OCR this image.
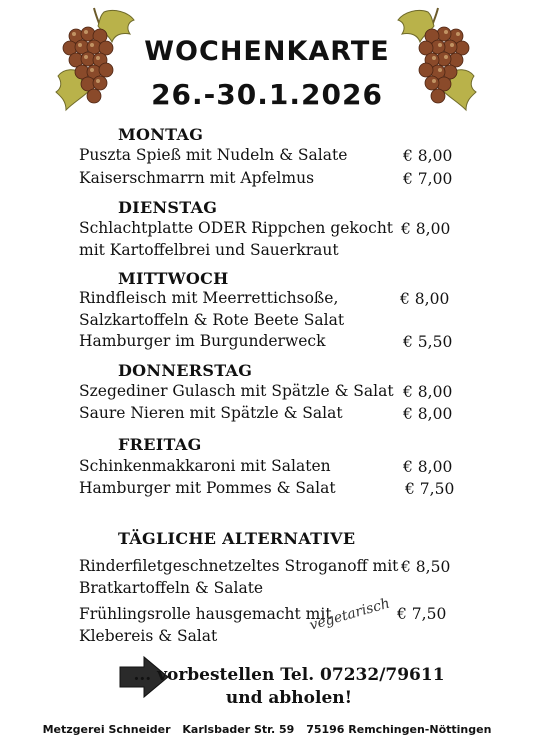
WOCHENKARTE
26.-30.1.2026
MONTAG
Puszta Spieß mit Nudeln & Salate	€ 8,00
Kaiserschmarrn mit Apfelmus	€ 7,00
DIENSTAG
Schlachtplatte ODER Rippchen gekocht € 8,00
mit Kartoffelbrei und Sauerkraut
MITTWOCH
Rindfleisch mit Meerrettichsoße,	€ 8,00
Salzkartoffeln & Rote Beete Salat
Hamburger im Burgunderweck	€ 5,50
DONNERSTAG
Szegediner Gulasch mit Spätzle & Salat € 8,00
Saure Nieren mit Spätzle & Salat	€ 8,00
FREITAG
Schinkenmakkaroni mit Salaten	€ 8,00
Hamburger mit Pommes & Salat	€ 7,50
TÄGLICHE ALTERNATIVE
Rinderfiletgeschnetzeltes Stroganoff mit € 8,50
Bratkartoffeln & Salate
Frühlingsrolle hausgemacht mit	€ 7,50
Klebereis & Salat
vegetarisch
... vorbestellen Tel. 07232/79611
und abholen!
Metzgerei Schneider Karlsbader Str. 59 75196 Remchingen-Nöttingen
